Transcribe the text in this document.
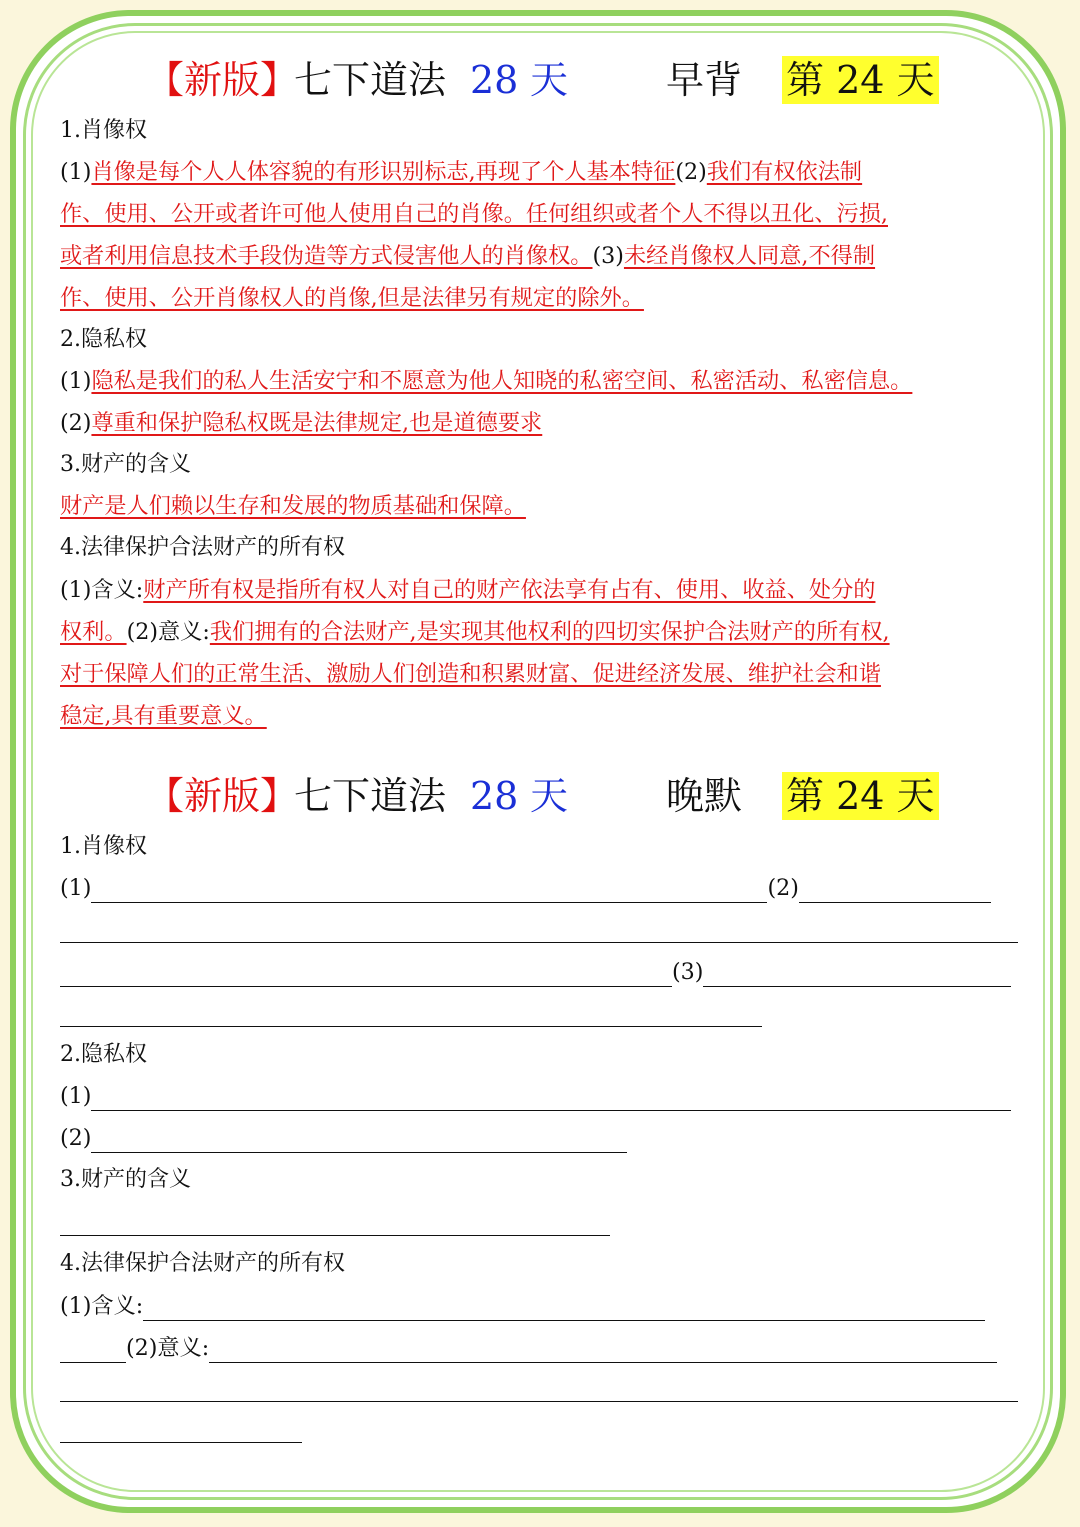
【新版】
七下道法 28 天	早背 第 24 天
1.肖像权
(1)肖像是每个人人体容貌的有形识别标志,再现了个人基本特征(2)我们有权依法制
作、使用、公开或者许可他人使用自己的肖像。任何组织或者个人不得以丑化、污损,
或者利用信息技术手段伪造等方式侵害他人的肖像权。(3)未经肖像权人同意,不得制
作、使用、公开肖像权人的肖像,但是法律另有规定的除外。
2.隐私权
(1)隐私是我们的私人生活安宁和不愿意为他人知晓的私密空间、私密活动、私密信息。
(2)尊重和保护隐私权既是法律规定,也是道德要求
3.财产的含义
财产是人们赖以生存和发展的物质基础和保障。
4.法律保护合法财产的所有权
(1)含义:财产所有权是指所有权人对自己的财产依法享有占有、使用、收益、处分的
权利。(2)意义:我们拥有的合法财产,是实现其他权利的四切实保护合法财产的所有权,
对于保障人们的正常生活、激励人们创造和积累财富、促进经济发展、维护社会和谐
稳定,具有重要意义。
【新版】
七下道法 28 天	晚默 第 24 天
1.肖像权
(1)	(2)
(3)
2.隐私权
(1)
(2)
3.财产的含义
4.法律保护合法财产的所有权
(1)含义:
(2)意义:
